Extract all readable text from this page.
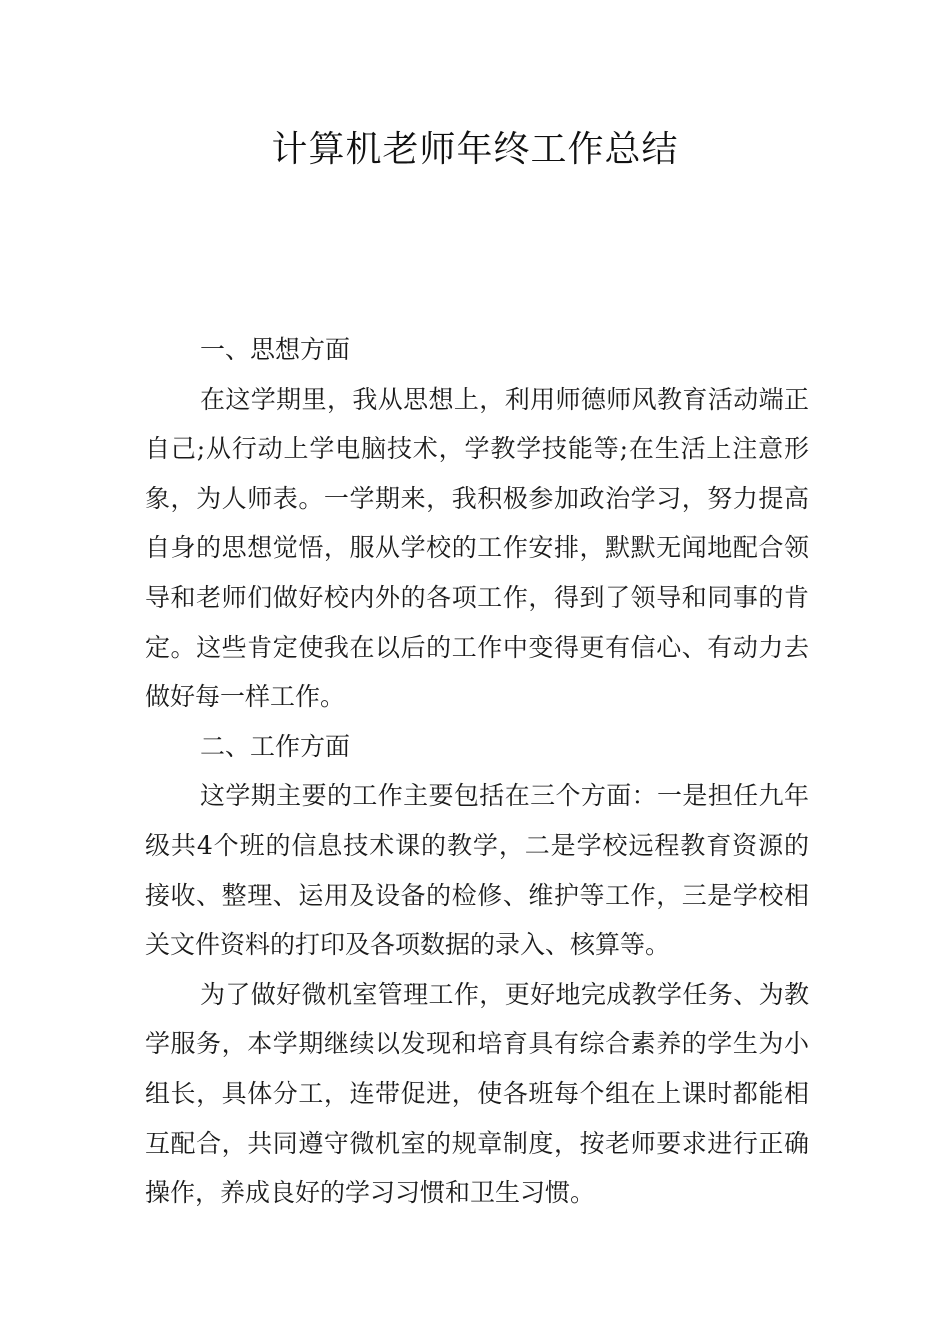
计算机老师年终工作总结

一、思想方面

在这学期里，我从思想上，利用师德师风教育活动端正自己;从行动上学电脑技术，学教学技能等;在生活上注意形象，为人师表。一学期来，我积极参加政治学习，努力提高自身的思想觉悟，服从学校的工作安排，默默无闻地配合领导和老师们做好校内外的各项工作，得到了领导和同事的肯定。这些肯定使我在以后的工作中变得更有信心、有动力去做好每一样工作。

二、工作方面

这学期主要的工作主要包括在三个方面：一是担任九年级共4个班的信息技术课的教学，二是学校远程教育资源的接收、整理、运用及设备的检修、维护等工作，三是学校相关文件资料的打印及各项数据的录入、核算等。

为了做好微机室管理工作，更好地完成教学任务、为教学服务，本学期继续以发现和培育具有综合素养的学生为小组长，具体分工，连带促进，使各班每个组在上课时都能相互配合，共同遵守微机室的规章制度，按老师要求进行正确操作，养成良好的学习习惯和卫生习惯。
